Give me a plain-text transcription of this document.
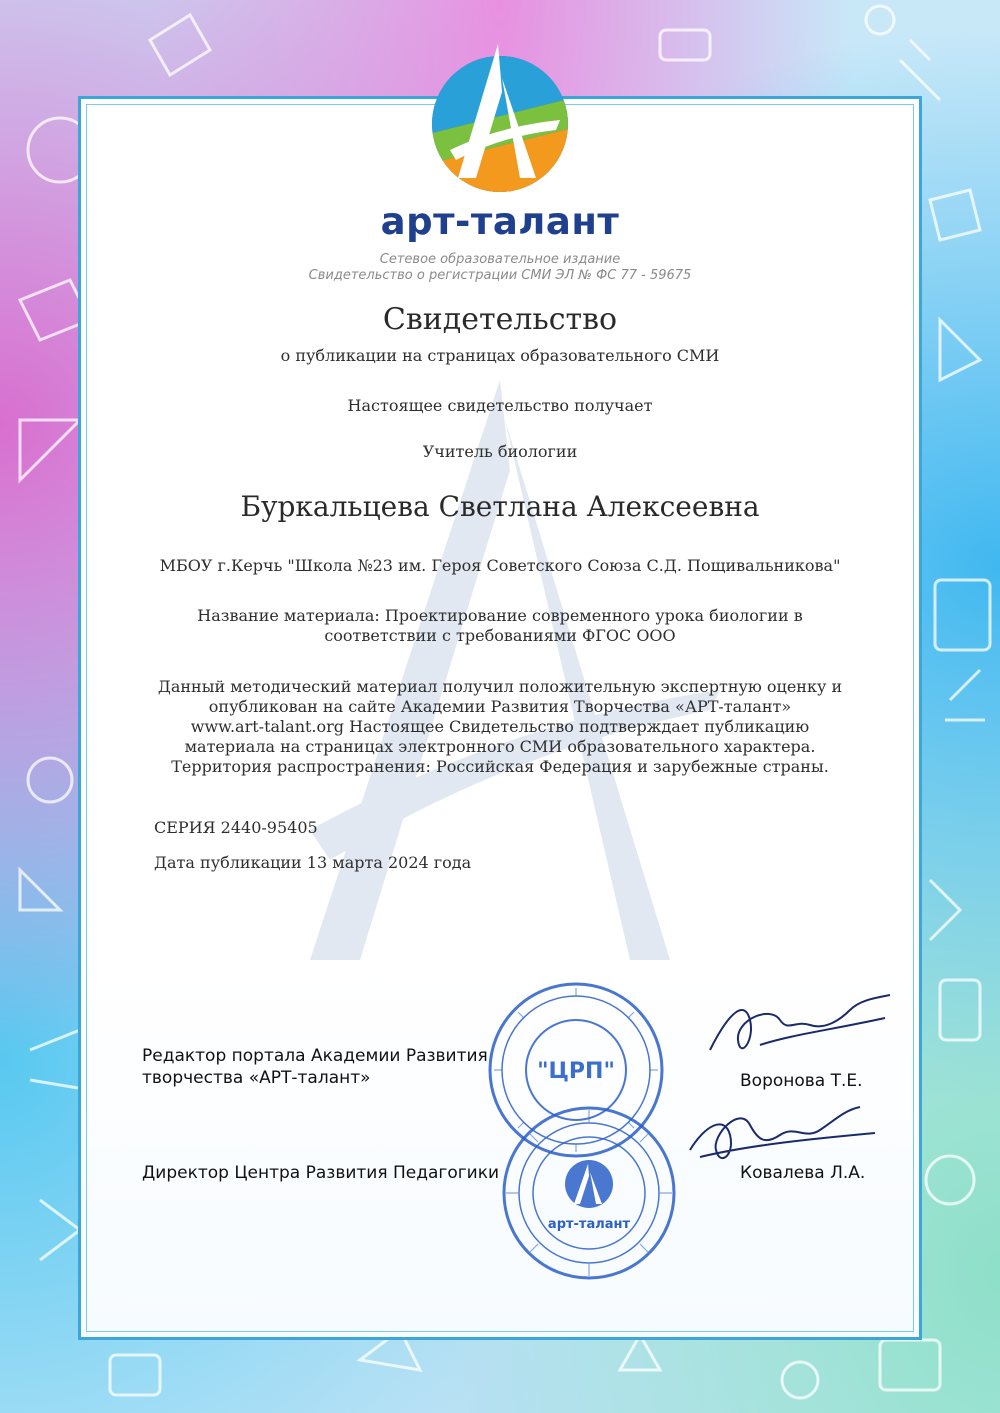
арт-талант
Сетевое образовательное издание
Свидетельство о регистрации СМИ ЭЛ № ФС 77 - 59675
Свидетельство
о публикации на страницах образовательного СМИ
Настоящее свидетельство получает
Учитель биологии
Буркальцева Светлана Алексеевна
МБОУ г.Керчь "Школа №23 им. Героя Советского Союза С.Д. Пощивальникова"
Название материала: Проектирование современного урока биологии в
соответствии с требованиями ФГОС ООО
Данный методический материал получил положительную экспертную оценку и
опубликован на сайте Академии Развития Творчества «АРТ-талант»
www.art-talant.org Настоящее Свидетельство подтверждает публикацию
материала на страницах электронного СМИ образовательного характера.
Территория распространения: Российская Федерация и зарубежные страны.
СЕРИЯ 2440-95405
Дата публикации 13 марта 2024 года
Редактор портала Академии Развития
творчества «АРТ-талант»	Воронова Т.Е.
Директор Центра Развития Педагогики	Ковалева Л.А.
"ЦРП"
арт-талант
